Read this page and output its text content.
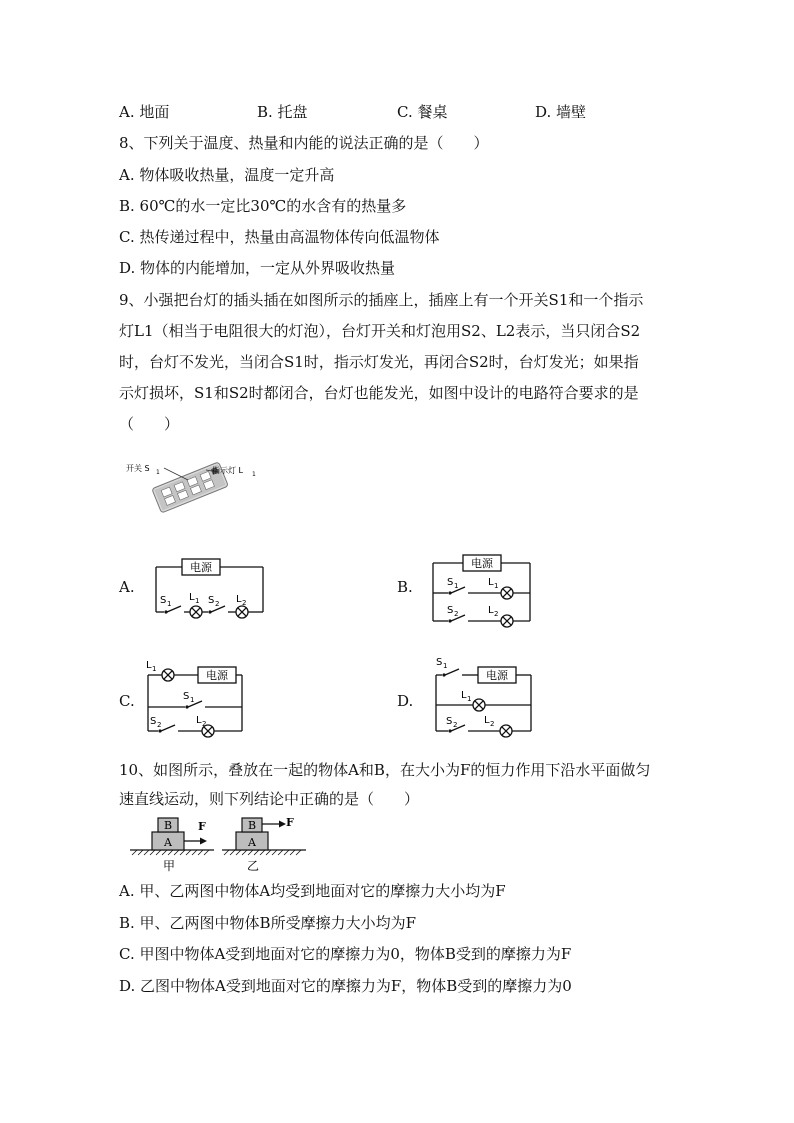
A. 地面	B. 托盘	C. 餐桌	D. 墙壁
8、下列关于温度、热量和内能的说法正确的是（　　）
A. 物体吸收热量，温度一定升高
B. 60℃的水一定比30℃的水含有的热量多
C. 热传递过程中，热量由高温物体传向低温物体
D. 物体的内能增加，一定从外界吸收热量
9、小强把台灯的插头插在如图所示的插座上，插座上有一个开关S1和一个指示
灯L1（相当于电阻很大的灯泡），台灯开关和灯泡用S2、L2表示，当只闭合S2
时，台灯不发光，当闭合S1时，指示灯发光，再闭合S2时，台灯发光；如果指
示灯损坏，S1和S2时都闭合，台灯也能发光，如图中设计的电路符合要求的是
（　　）
开关 S 1	指示灯 L 1
A.	B.
C.	D.
电源
S 1
L 1 S 2 L 2
电源
S 1	L 1
S 2	L 2
电源
L 1
S 1
S 2	L 2
电源
S 1
L 1
S 2	L 2
10、如图所示，叠放在一起的物体A和B，在大小为F的恒力作用下沿水平面做匀
速直线运动，则下列结论中正确的是（　　）
B
A
F
甲
B
A
F
乙
A. 甲、乙两图中物体A均受到地面对它的摩擦力大小均为F
B. 甲、乙两图中物体B所受摩擦力大小均为F
C. 甲图中物体A受到地面对它的摩擦力为0，物体B受到的摩擦力为F
D. 乙图中物体A受到地面对它的摩擦力为F，物体B受到的摩擦力为0
